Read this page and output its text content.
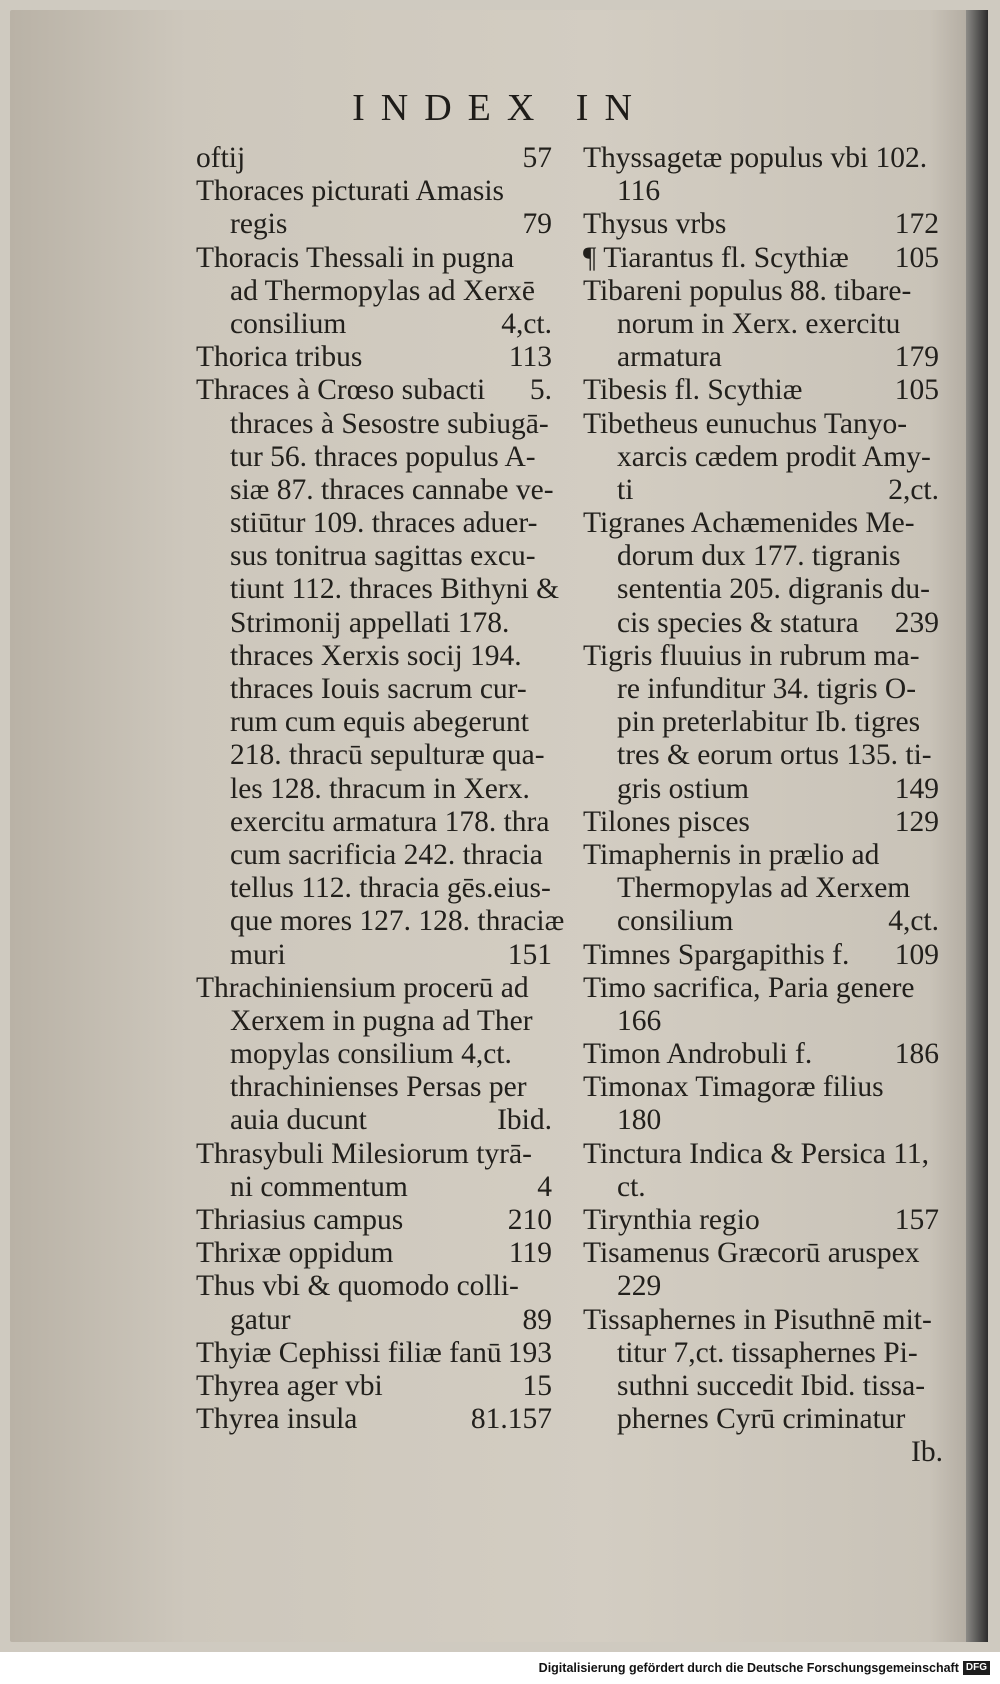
INDEX IN
oftij	57
Thoraces picturati Amasis
regis	79
Thoracis Thessali in pugna
ad Thermopylas ad Xerxē
consilium	4,ct.
Thorica tribus	113
Thraces à Crœso subacti 5.
thraces à Sesostre subiugā-
tur 56. thraces populus A-
siæ 87. thraces cannabe ve-
stiūtur 109. thraces aduer-
sus tonitrua sagittas excu-
tiunt 112. thraces Bithyni &
Strimonij appellati 178.
thraces Xerxis socij 194.
thraces Iouis sacrum cur-
rum cum equis abegerunt
218. thracū sepulturæ qua-
les 128. thracum in Xerx.
exercitu armatura 178. thra
cum sacrificia 242. thracia
tellus 112. thracia gēs.eius-
que mores 127. 128. thraciæ
muri	151
Thrachiniensium procerū ad
Xerxem in pugna ad Ther
mopylas consilium 4,ct.
thrachinienses Persas per
auia ducunt	Ibid.
Thrasybuli Milesiorum tyrā-
ni commentum	4
Thriasius campus	210
Thrixæ oppidum	119
Thus vbi & quomodo colli-
gatur	89
Thyiæ Cephissi filiæ fanū 193
Thyrea ager vbi	15
Thyrea insula	81.157
Thyssagetæ populus vbi 102.
116
Thysus vrbs	172
¶ Tiarantus fl. Scythiæ 105
Tibareni populus 88. tibare-
norum in Xerx. exercitu
armatura	179
Tibesis fl. Scythiæ	105
Tibetheus eunuchus Tanyo-
xarcis cædem prodit Amy-
ti	2,ct.
Tigranes Achæmenides Me-
dorum dux 177. tigranis
sententia 205. digranis du-
cis species & statura 239
Tigris fluuius in rubrum ma-
re infunditur 34. tigris O-
pin preterlabitur Ib. tigres
tres & eorum ortus 135. ti-
gris ostium	149
Tilones pisces	129
Timaphernis in prælio ad
Thermopylas ad Xerxem
consilium	4,ct.
Timnes Spargapithis f. 109
Timo sacrifica, Paria genere
166
Timon Androbuli f.	186
Timonax Timagoræ filius
180
Tinctura Indica & Persica 11,
ct.
Tirynthia regio	157
Tisamenus Græcorū aruspex
229
Tissaphernes in Pisuthnē mit-
titur 7,ct. tissaphernes Pi-
suthni succedit Ibid. tissa-
phernes Cyrū criminatur
Ib.
Digitalisierung gefördert durch die Deutsche Forschungsgemeinschaft DFG
